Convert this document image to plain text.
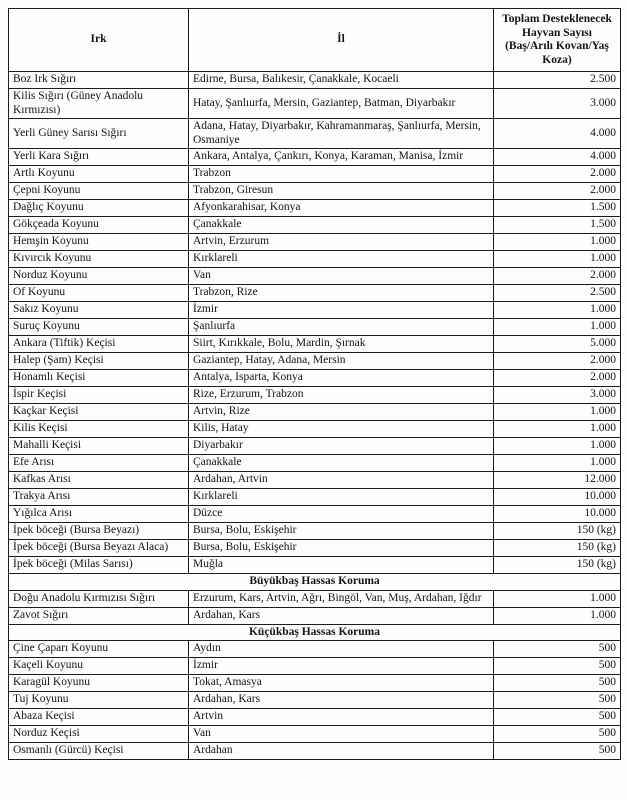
Irk	İl	Toplam Desteklenecek Hayvan Sayısı (Baş/Arılı Kovan/Yaş Koza)
Boz Irk Sığırı	Edirne, Bursa, Balıkesir, Çanakkale, Kocaeli	2.500
Kilis Sığırı (Güney Anadolu Kırmızısı)	Hatay, Şanlıurfa, Mersin, Gaziantep, Batman, Diyarbakır	3.000
Yerli Güney Sarısı Sığırı	Adana, Hatay, Diyarbakır, Kahramanmaraş, Şanlıurfa, Mersin, Osmaniye	4.000
Yerli Kara Sığırı	Ankara, Antalya, Çankırı, Konya, Karaman, Manisa, İzmir	4.000
Artlı Koyunu	Trabzon	2.000
Çepni Koyunu	Trabzon, Giresun	2.000
Dağlıç Koyunu	Afyonkarahisar, Konya	1.500
Gökçeada Koyunu	Çanakkale	1.500
Hemşin Koyunu	Artvin, Erzurum	1.000
Kıvırcık Koyunu	Kırklareli	1.000
Norduz Koyunu	Van	2.000
Of Koyunu	Trabzon, Rize	2.500
Sakız Koyunu	İzmir	1.000
Suruç Koyunu	Şanlıurfa	1.000
Ankara (Tiftik) Keçisi	Siirt, Kırıkkale, Bolu, Mardin, Şırnak	5.000
Halep (Şam) Keçisi	Gaziantep, Hatay, Adana, Mersin	2.000
Honamlı Keçisi	Antalya, Isparta, Konya	2.000
İspir Keçisi	Rize, Erzurum, Trabzon	3.000
Kaçkar Keçisi	Artvin, Rize	1.000
Kilis Keçisi	Kilis, Hatay	1.000
Mahalli Keçisi	Diyarbakır	1.000
Efe Arısı	Çanakkale	1.000
Kafkas Arısı	Ardahan, Artvin	12.000
Trakya Arısı	Kırklareli	10.000
Yığılca Arısı	Düzce	10.000
İpek böceği (Bursa Beyazı)	Bursa, Bolu, Eskişehir	150 (kg)
İpek böceği (Bursa Beyazı Alaca)	Bursa, Bolu, Eskişehir	150 (kg)
İpek böceği (Milas Sarısı)	Muğla	150 (kg)
Büyükbaş Hassas Koruma		
Doğu Anadolu Kırmızısı Sığırı	Erzurum, Kars, Artvin, Ağrı, Bingöl, Van, Muş, Ardahan, Iğdır	1.000
Zavot Sığırı	Ardahan, Kars	1.000
Küçükbaş Hassas Koruma		
Çine Çaparı Koyunu	Aydın	500
Kaçeli Koyunu	İzmir	500
Karagül Koyunu	Tokat, Amasya	500
Tuj Koyunu	Ardahan, Kars	500
Abaza Keçisi	Artvin	500
Norduz Keçisi	Van	500
Osmanlı (Gürcü) Keçisi	Ardahan	500
